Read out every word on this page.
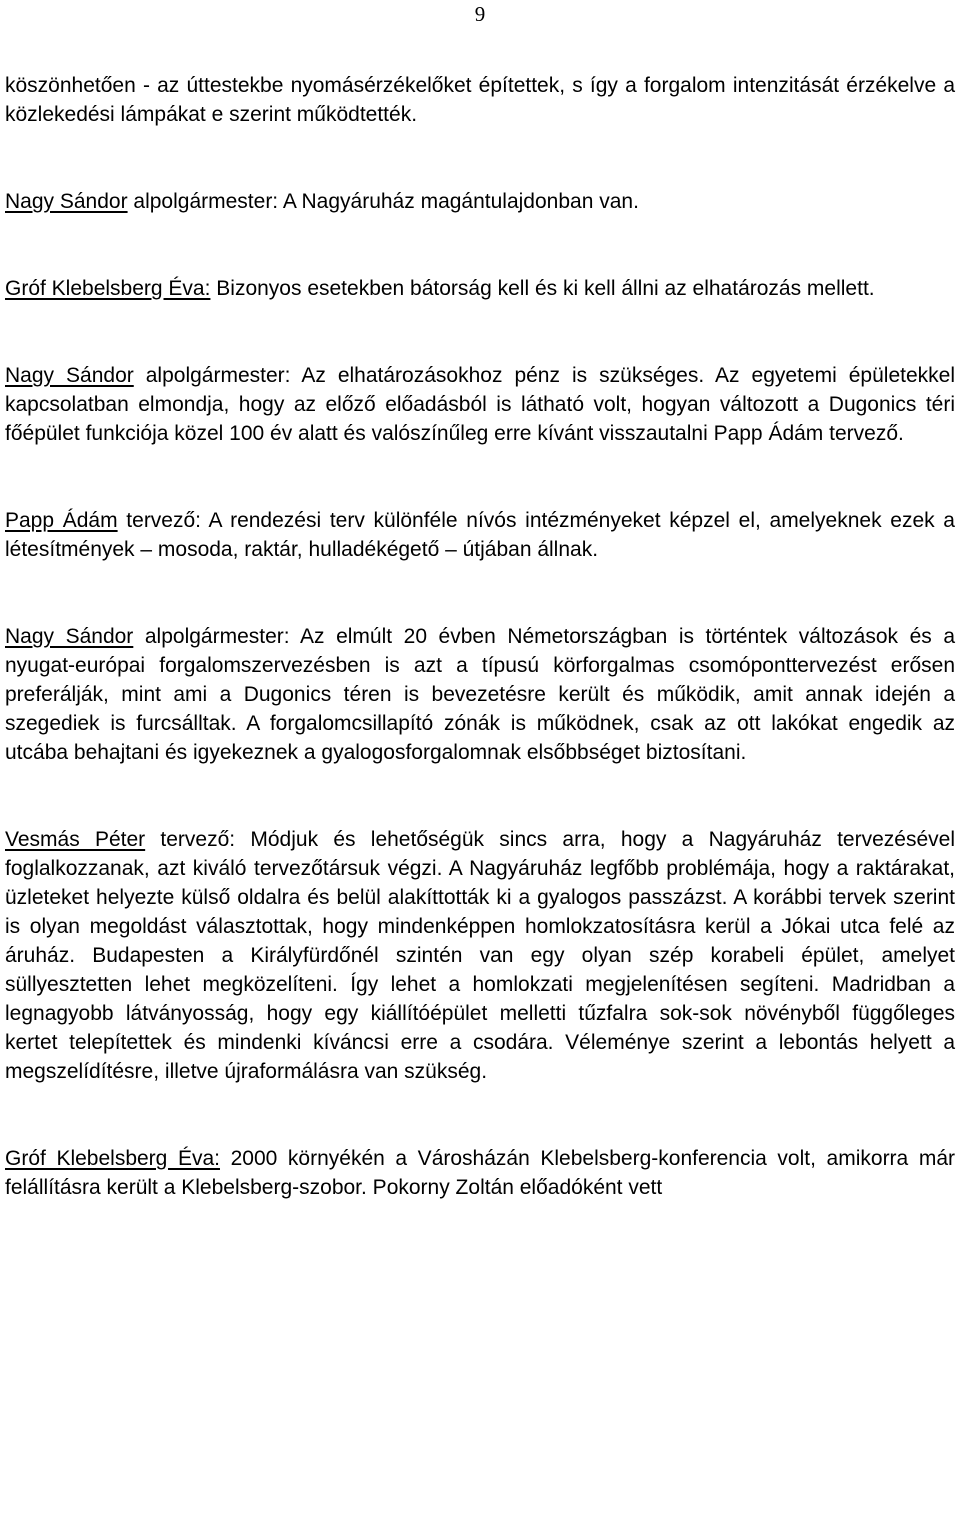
9

köszönhetően - az úttestekbe nyomásérzékelőket építettek, s így a forgalom intenzitását érzékelve a közlekedési lámpákat e szerint működtették.

Nagy Sándor alpolgármester: A Nagyáruház magántulajdonban van.

Gróf Klebelsberg Éva: Bizonyos esetekben bátorság kell és ki kell állni az elhatározás mellett.

Nagy Sándor alpolgármester: Az elhatározásokhoz pénz is szükséges. Az egyetemi épületekkel kapcsolatban elmondja, hogy az előző előadásból is látható volt, hogyan változott a Dugonics téri főépület funkciója közel 100 év alatt és valószínűleg erre kívánt visszautalni Papp Ádám tervező.

Papp Ádám tervező: A rendezési terv különféle nívós intézményeket képzel el, amelyeknek ezek a létesítmények – mosoda, raktár, hulladékégető – útjában állnak.

Nagy Sándor alpolgármester: Az elmúlt 20 évben Németországban is történtek változások és a nyugat-európai forgalomszervezésben is azt a típusú körforgalmas csomóponttervezést erősen preferálják, mint ami a Dugonics téren is bevezetésre került és működik, amit annak idején a szegediek is furcsálltak. A forgalomcsillapító zónák is működnek, csak az ott lakókat engedik az utcába behajtani és igyekeznek a gyalogosforgalomnak elsőbbséget biztosítani.

Vesmás Péter tervező: Módjuk és lehetőségük sincs arra, hogy a Nagyáruház tervezésével foglalkozzanak, azt kiváló tervezőtársuk végzi. A Nagyáruház legfőbb problémája, hogy a raktárakat, üzleteket helyezte külső oldalra és belül alakíttották ki a gyalogos passzázst. A korábbi tervek szerint is olyan megoldást választottak, hogy mindenképpen homlokzatosításra kerül a Jókai utca felé az áruház. Budapesten a Királyfürdőnél szintén van egy olyan szép korabeli épület, amelyet süllyesztetten lehet megközelíteni. Így lehet a homlokzati megjelenítésen segíteni. Madridban a legnagyobb látványosság, hogy egy kiállítóépület melletti tűzfalra sok-sok növényből függőleges kertet telepítettek és mindenki kíváncsi erre a csodára. Véleménye szerint a lebontás helyett a megszelídítésre, illetve újraformálásra van szükség.

Gróf Klebelsberg Éva: 2000 környékén a Városházán Klebelsberg-konferencia volt, amikorra már felállításra került a Klebelsberg-szobor. Pokorny Zoltán előadóként vett
